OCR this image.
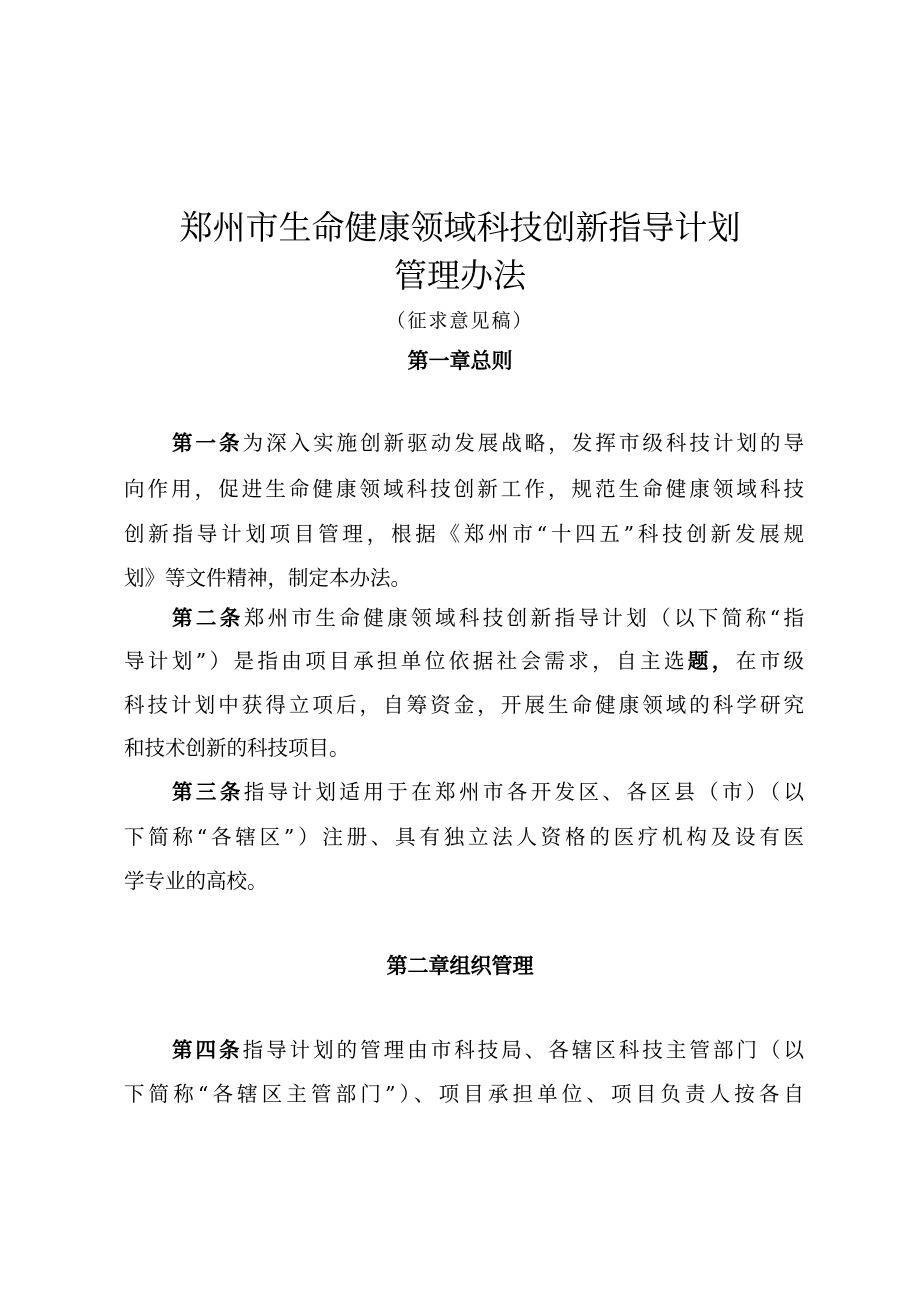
郑州市生命健康领域科技创新指导计划
管理办法
（征求意见稿）
第一章总则
第一条为深入实施创新驱动发展战略，发挥市级科技计划的导
向作用，促进生命健康领域科技创新工作，规范生命健康领域科技
创新指导计划项目管理，根据《郑州市“十四五”科技创新发展规
划》等文件精神，制定本办法。
第二条郑州市生命健康领域科技创新指导计划（以下简称“指
导计划”）是指由项目承担单位依据社会需求，自主选题，在市级
科技计划中获得立项后，自筹资金，开展生命健康领域的科学研究
和技术创新的科技项目。
第三条指导计划适用于在郑州市各开发区、各区县（市）（以
下简称“各辖区”）注册、具有独立法人资格的医疗机构及设有医
学专业的高校。
第二章组织管理
第四条指导计划的管理由市科技局、各辖区科技主管部门（以
下简称“各辖区主管部门”）、项目承担单位、项目负责人按各自
